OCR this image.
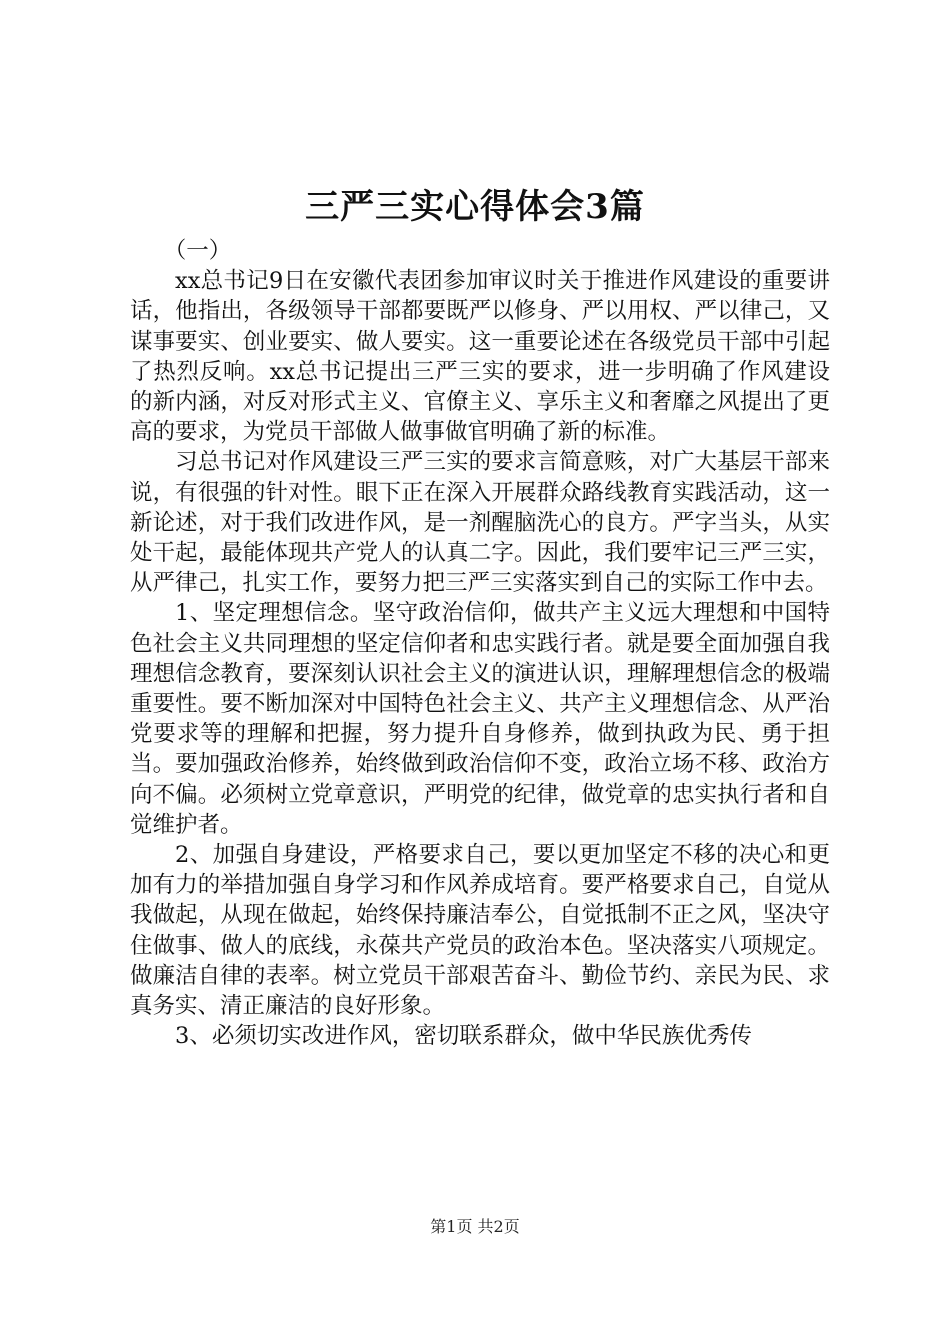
三严三实心得体会3篇

（一）

xx总书记9日在安徽代表团参加审议时关于推进作风建设的重要讲话，他指出，各级领导干部都要既严以修身、严以用权、严以律己，又谋事要实、创业要实、做人要实。这一重要论述在各级党员干部中引起了热烈反响。xx总书记提出三严三实的要求，进一步明确了作风建设的新内涵，对反对形式主义、官僚主义、享乐主义和奢靡之风提出了更高的要求，为党员干部做人做事做官明确了新的标准。

习总书记对作风建设三严三实的要求言简意赅，对广大基层干部来说，有很强的针对性。眼下正在深入开展群众路线教育实践活动，这一新论述，对于我们改进作风，是一剂醒脑洗心的良方。严字当头，从实处干起，最能体现共产党人的认真二字。因此，我们要牢记三严三实，从严律己，扎实工作，要努力把三严三实落实到自己的实际工作中去。

1、坚定理想信念。坚守政治信仰，做共产主义远大理想和中国特色社会主义共同理想的坚定信仰者和忠实践行者。就是要全面加强自我理想信念教育，要深刻认识社会主义的演进认识，理解理想信念的极端重要性。要不断加深对中国特色社会主义、共产主义理想信念、从严治党要求等的理解和把握，努力提升自身修养，做到执政为民、勇于担当。要加强政治修养，始终做到政治信仰不变，政治立场不移、政治方向不偏。必须树立党章意识，严明党的纪律，做党章的忠实执行者和自觉维护者。

2、加强自身建设，严格要求自己，要以更加坚定不移的决心和更加有力的举措加强自身学习和作风养成培育。要严格要求自己，自觉从我做起，从现在做起，始终保持廉洁奉公，自觉抵制不正之风，坚决守住做事、做人的底线，永葆共产党员的政治本色。坚决落实八项规定。做廉洁自律的表率。树立党员干部艰苦奋斗、勤俭节约、亲民为民、求真务实、清正廉洁的良好形象。

3、必须切实改进作风，密切联系群众，做中华民族优秀传

第1页 共2页
